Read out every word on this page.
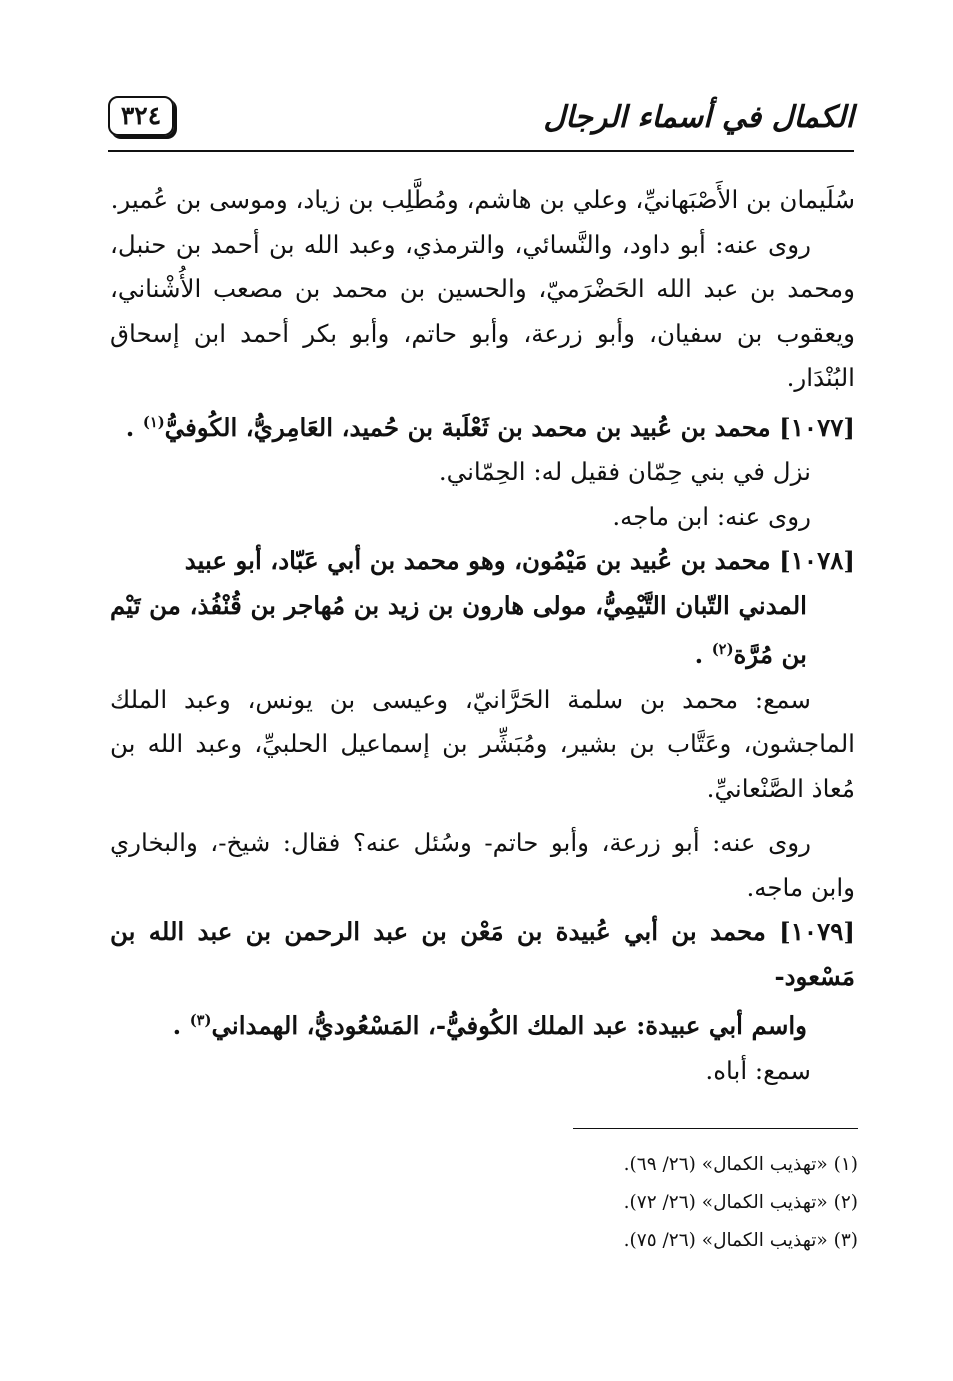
الكمال في أسماء الرجال
٣٢٤

سُلَيمان بن الأَصْبَهانيِّ، وعلي بن هاشم، ومُطَّلِب بن زياد، وموسى بن عُمير.

روى عنه: أبو داود، والنَّسائي، والترمذي، وعبد الله بن أحمد بن حنبل، ومحمد بن عبد الله الحَضْرَميّ، والحسين بن محمد بن مصعب الأُشْناني، ويعقوب بن سفيان، وأبو زرعة، وأبو حاتم، وأبو بكر أحمد ابن إسحاق البُنْدَار.

[١٠٧٧] محمد بن عُبيد بن محمد بن ثَعْلَبة بن حُميد، العَامِريُّ، الكُوفيُّ$^{(١)}$ .

نزل في بني حِمّان فقيل له: الحِمّاني.

روى عنه: ابن ماجه.

[١٠٧٨] محمد بن عُبيد بن مَيْمُون، وهو محمد بن أبي عَبّاد، أبو عبيد

المدني التّبان التَّيْمِيُّ، مولى هارون بن زيد بن مُهاجر بن قُنْفُذ، من تَيْم بن مُرَّة$^{(٢)}$ .

سمع: محمد بن سلمة الحَرَّانيّ، وعيسى بن يونس، وعبد الملك الماجشون، وعَتَّاب بن بشير، ومُبَشِّر بن إسماعيل الحلبيِّ، وعبد الله بن مُعاذ الصَّنْعانيِّ.

روى عنه: أبو زرعة، وأبو حاتم- وسُئل عنه؟ فقال: شيخ-، والبخاري وابن ماجه.

[١٠٧٩] محمد بن أبي عُبيدة بن مَعْن بن عبد الرحمن بن عبد الله بن مَسْعود-

واسم أبي عبيدة: عبد الملك الكُوفيُّ-، المَسْعُوديُّ، الهمداني$^{(٣)}$ .

سمع: أباه.

(١) «تهذيب الكمال» (٢٦/ ٦٩).

(٢) «تهذيب الكمال» (٢٦/ ٧٢).

(٣) «تهذيب الكمال» (٢٦/ ٧٥).
